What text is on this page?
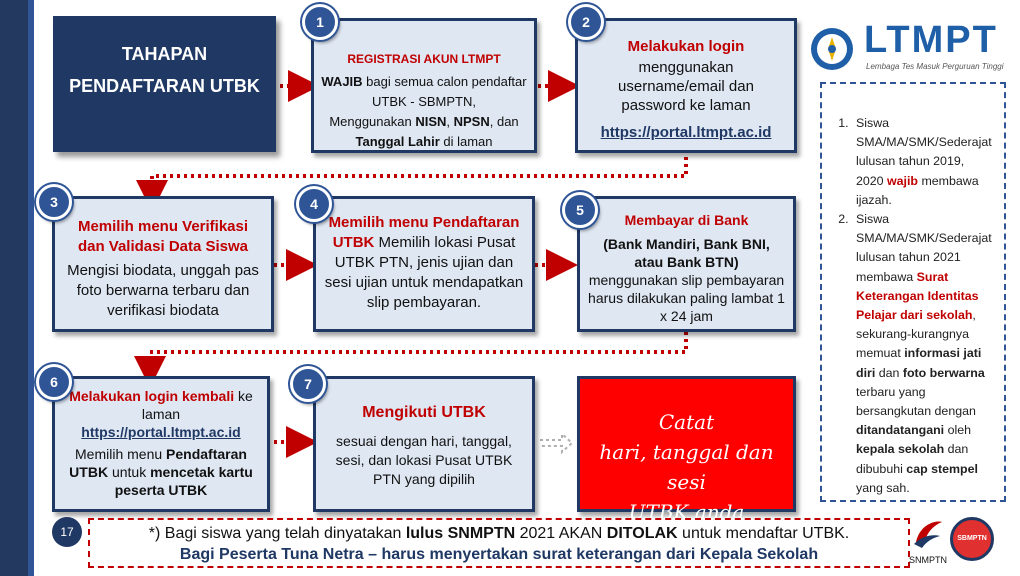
TAHAPAN PENDAFTARAN UTBK
REGISTRASI AKUN LTMPT
WAJIB bagi semua calon pendaftar UTBK - SBMPTN,
Menggunakan NISN, NPSN, dan Tanggal Lahir di laman
1
Melakukan login
menggunakan username/email dan password ke laman
https://portal.ltmpt.ac.id
2
Memilih menu Verifikasi dan Validasi Data Siswa
Mengisi biodata, unggah pas foto berwarna terbaru dan verifikasi biodata
3
Memilih menu Pendaftaran UTBK Memilih lokasi Pusat UTBK PTN, jenis ujian dan sesi ujian untuk mendapatkan slip pembayaran.
4
Membayar di Bank
(Bank Mandiri, Bank BNI, atau Bank BTN)
menggunakan slip pembayaran harus dilakukan paling lambat 1 x 24 jam
5
Melakukan login kembali ke laman
https://portal.ltmpt.ac.id
Memilih menu Pendaftaran UTBK untuk mencetak kartu peserta UTBK
6
Mengikuti UTBK
sesuai dengan hari, tanggal, sesi, dan lokasi Pusat UTBK PTN yang dipilih
7
Catat
hari, tanggal dan sesi
UTBK anda
LTMPT
Lembaga Tes Masuk Perguruan Tinggi
1. Siswa SMA/MA/SMK/Sederajat lulusan tahun 2019, 2020 wajib membawa ijazah.
2. Siswa SMA/MA/SMK/Sederajat lulusan tahun 2021 membawa Surat Keterangan Identitas Pelajar dari sekolah, sekurang-kurangnya memuat informasi jati diri dan foto berwarna terbaru yang bersangkutan dengan ditandatangani oleh kepala sekolah dan dibubuhi cap stempel yang sah.
17	*) Bagi siswa yang telah dinyatakan lulus SNMPTN 2021 AKAN DITOLAK untuk mendaftar UTBK.
Bagi Peserta Tuna Netra – harus menyertakan surat keterangan dari Kepala Sekolah	SNMPTN
SBMPTN
